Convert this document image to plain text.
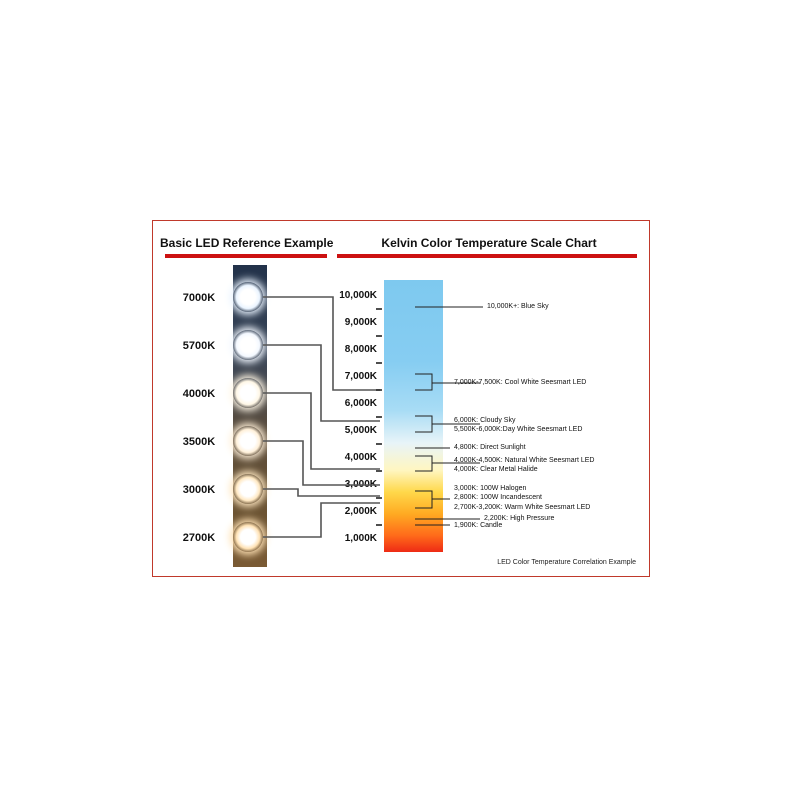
Basic LED Reference Example	Kelvin Color Temperature Scale Chart
7000K
5700K
4000K
3500K
3000K
2700K
10,000K
9,000K
8,000K
7,000K
6,000K
5,000K
4,000K
3,000K
2,000K
1,000K
10,000K+: Blue Sky
7,000K-7,500K: Cool White Seesmart LED
6,000K: Cloudy Sky
5,500K-6,000K:Day White Seesmart LED
4,800K: Direct Sunlight
4,000K-4,500K: Natural White Seesmart LED
4,000K: Clear Metal Halide
3,000K: 100W Halogen
2,800K: 100W Incandescent
2,700K-3,200K: Warm White Seesmart LED
2,200K: High Pressure
1,900K: Candle
LED Color Temperature Correlation Example
